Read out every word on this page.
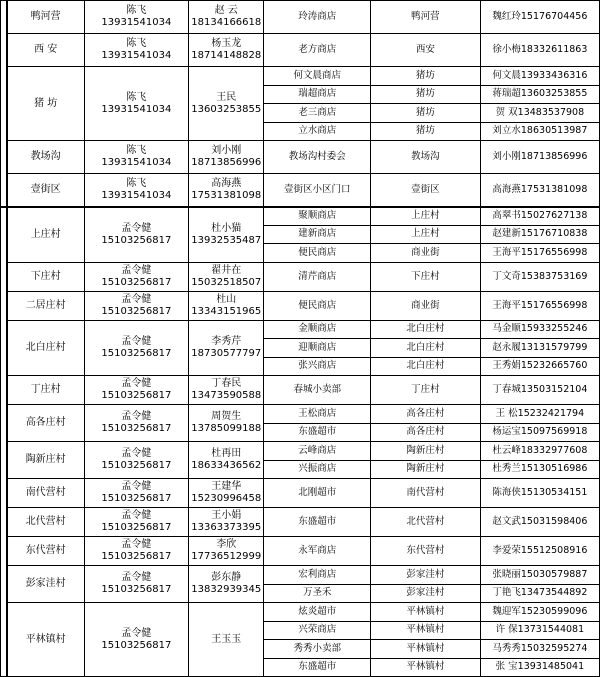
	鸭河营	陈飞
13931541034	赵 云
18134166618	玲涛商店	鸭河营	魏红玲15176704456
	西 安	陈飞
13931541034	杨玉龙
18714148828	老方商店	西安	徐小梅18332611863
	猪 坊	陈飞
13931541034	王民
13603253855	何文晨商店	猪坊	何文晨13933436316
				瑞超商店	猪坊	蒋瑞超13603253855
				老三商店	猪坊	贺 双13483537908
				立水商店	猪坊	刘立水18630513987
	教场沟	陈飞
13931541034	刘小刚
18713856996	教场沟村委会	教场沟	刘小刚18713856996
	壹街区	陈飞
13931541034	高海燕
17531381098	壹街区小区门口	壹街区	高海燕17531381098
	上庄村	孟令健
15103256817	杜小猫
13932535487	聚顺商店	上庄村	高翠书15027627138
				建新商店	上庄村	赵建新15176710838
				便民商店	商业街	王海平15176556998
	下庄村	孟令健
15103256817	翟井在
15032518507	清芹商店	下庄村	丁文奇15383753169
	二居庄村	孟令健
15103256817	杜山
13343151965	便民商店	商业街	王海平15176556998
	北白庄村	孟令健
15103256817	李秀芹
18730577797	金顺商店	北白庄村	马金顺15933255246
				迎顺商店	北白庄村	赵永履13131579799
				张兴商店	北白庄村	王秀娟15232665760
	丁庄村	孟令健
15103256817	丁春民
13473590588	春城小卖部	丁庄村	丁春城13503152104
	高各庄村	孟令健
15103256817	周贺生
13785099188	王松商店	高各庄村	王 松15232421794
				东盛超市	高各庄村	杨运宝15097569918
	陶新庄村	孟令健
15103256817	杜再田
18633436562	云峰商店	陶新庄村	杜云峰18332977608
				兴振商店	陶新庄村	杜秀兰15130516986
	南代营村	孟令健
15103256817	王建华
15230996458	北刚超市	南代营村	陈海侠15130534151
	北代营村	孟令健
15103256817	王小娟
13363373395	东盛超市	北代营村	赵文武15031598406
	东代营村	孟令健
15103256817	李欣
17736512999	永军商店	东代营村	李爱荣15512508916
	彭家洼村	孟令健
15103256817	彭东静
13832939345	宏利商店	彭家洼村	张晓丽15030579887
				万圣禾	彭家洼村	丁艳飞13473544892
	平林镇村	孟令健
15103256817	王玉玉	炫炎超市	平林镇村	魏迎军15230599096
				兴荣商店	平林镇村	许 保13731544081
				秀秀小卖部	平林镇村	马秀秀15032595274
				东盛超市	平林镇村	张 宝13931485041
